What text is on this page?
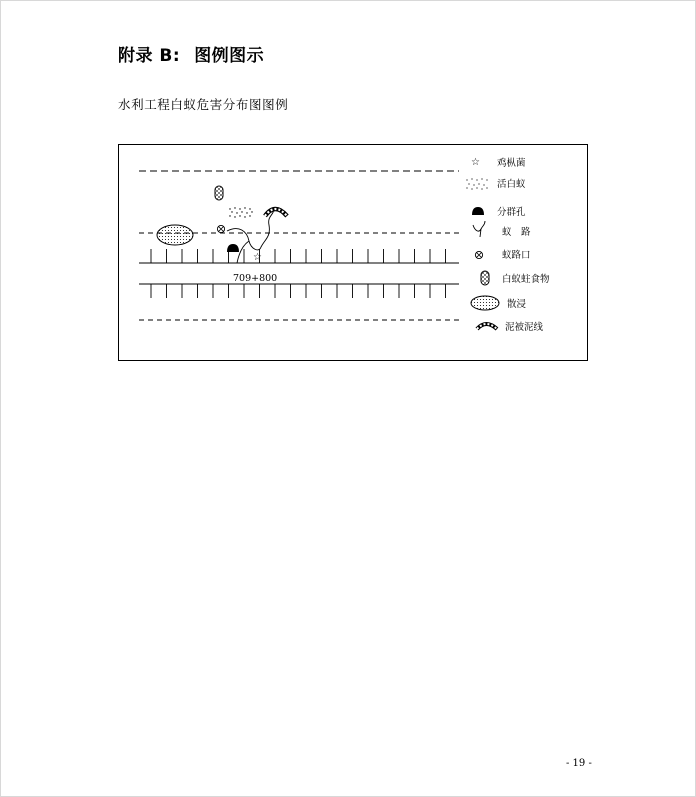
附录 B: 图例图示
水利工程白蚁危害分布图图例
709+800
☆
☆ 鸡枞菌
活白蚁
分群孔
蚁　路
蚁路口
白蚁蛀食物
散浸
泥被泥线
- 19 -
